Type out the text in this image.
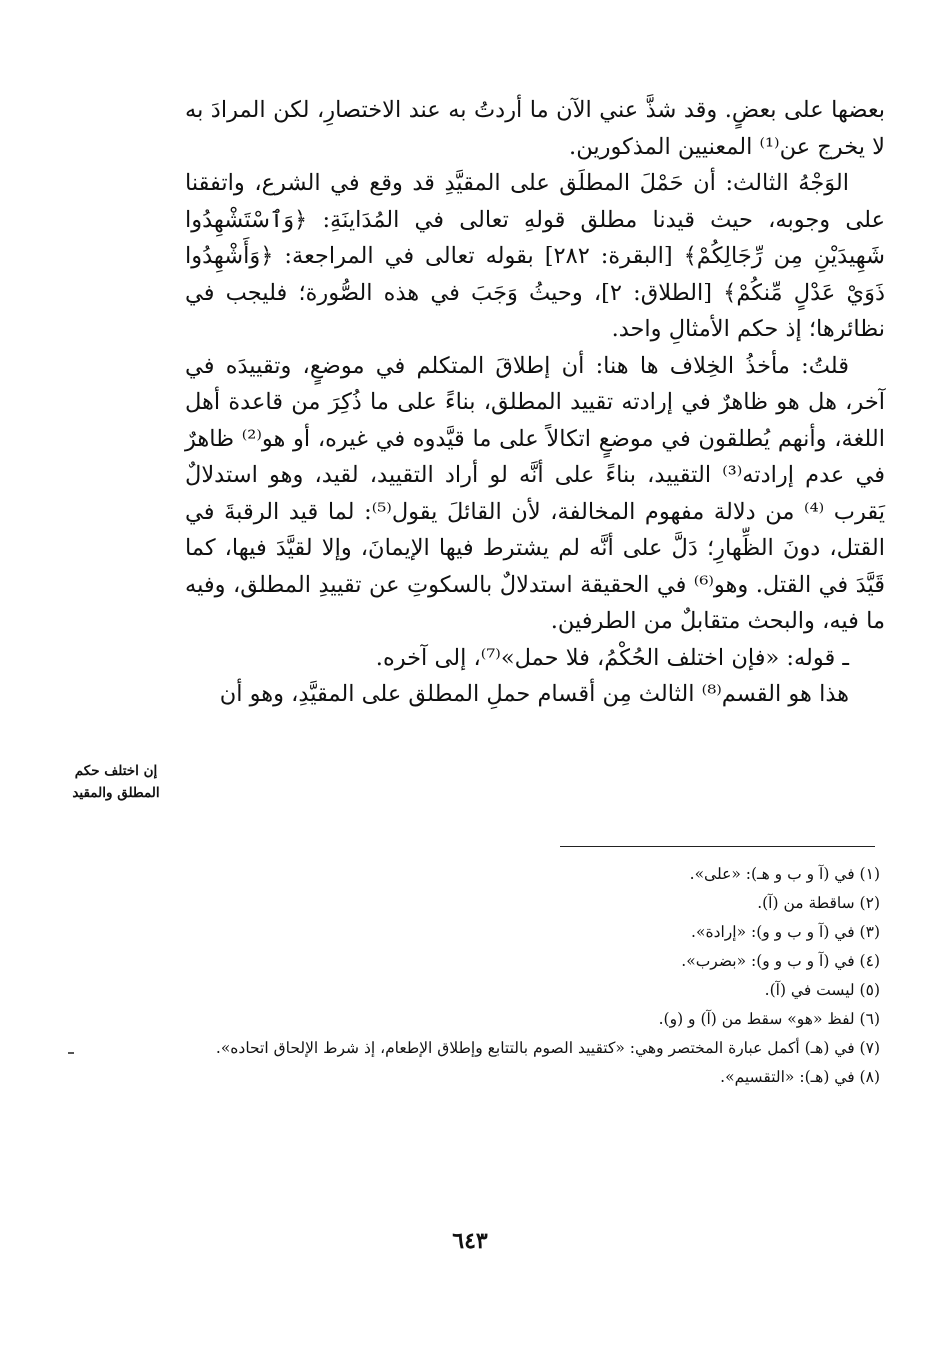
بعضها على بعضٍ. وقد شذَّ عني الآن ما أردتُ به عند الاختصارِ، لكن المرادَ به لا يخرج عن⁽¹⁾ المعنيين المذكورين.

الوَجْهُ الثالث: أن حَمْلَ المطلَق على المقيَّدِ قد وقع في الشرع، واتفقنا على وجوبه، حيث قيدنا مطلق قولهِ تعالى في المُدَاينَةِ: ﴿وَٱسْتَشْهِدُوا شَهِيدَيْنِ مِن رِّجَالِكُمْ﴾ [البقرة: ٢٨٢] بقوله تعالى في المراجعة: ﴿وَأَشْهِدُوا ذَوَيْ عَدْلٍ مِّنكُمْ﴾ [الطلاق: ٢]، وحيثُ وَجَبَ في هذه الصُّورة؛ فليجب في نظائرها؛ إذ حكم الأمثالِ واحد.

قلتُ: مأخذُ الخِلاف ها هنا: أن إطلاقَ المتكلم في موضعٍ، وتقييدَه في آخر، هل هو ظاهرٌ في إرادته تقييد المطلق، بناءً على ما ذُكِرَ من قاعدة أهل اللغة، وأنهم يُطلقون في موضعٍ اتكالاً على ما قيَّدوه في غيره، أو هو⁽²⁾ ظاهرٌ في عدم إرادته⁽³⁾ التقييد، بناءً على أنَّه لو أراد التقييد، لقيد، وهو استدلالٌ يَقرب ⁽⁴⁾ من دلالة مفهوم المخالفة، لأن القائلَ يقول⁽⁵⁾: لما قيد الرقبةَ في القتل، دونَ الظِّهارِ؛ دَلَّ على أنَّه لم يشترط فيها الإيمانَ، وإلا لقيَّدَ فيها، كما قَيَّدَ في القتل. وهو⁽⁶⁾ في الحقيقة استدلالٌ بالسكوتِ عن تقييدِ المطلق، وفيه ما فيه، والبحث متقابلٌ من الطرفين.

ـ قوله: «فإن اختلف الحُكْمُ، فلا حمل»⁽⁷⁾، إلى آخره.

هذا هو القسم⁽⁸⁾ الثالث مِن أقسام حملِ المطلق على المقيَّدِ، وهو أن

إن اختلف حكم
المطلق والمقيد
(١) في (آ و ب و هـ): «على».
(٢) ساقطة من (آ).
(٣) في (آ و ب و و): «إرادة».
(٤) في (آ و ب و و): «بضرب».
(٥) ليست في (آ).
(٦) لفظ «هو» سقط من (آ) و (و).
(٧) في (هـ) أكمل عبارة المختصر وهي: «كتقييد الصوم بالتتابع وإطلاق الإطعام، إذ شرط الإلحاق اتحاده».
(٨) في (هـ): «التقسيم».
٦٤٣
